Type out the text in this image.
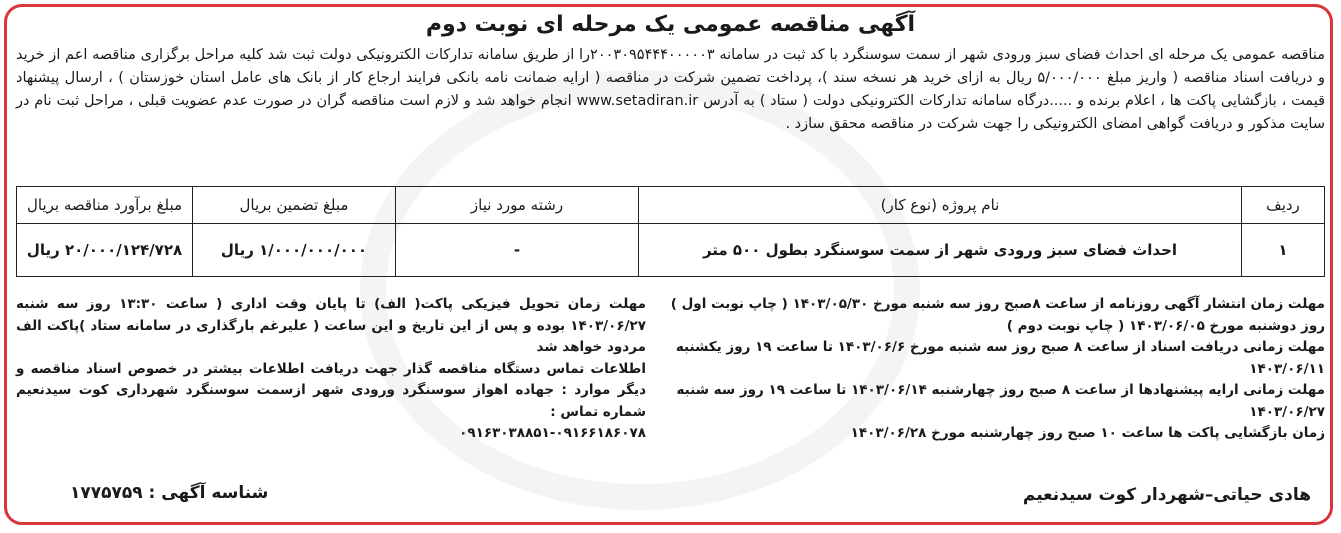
آگهی مناقصه عمومی یک مرحله ای نوبت دوم
مناقصه عمومی یک مرحله ای احداث فضای سبز ورودی شهر از سمت سوسنگرد با کد ثبت در سامانه ۲۰۰۳۰۹۵۴۴۴۰۰۰۰۰۳را از طریق سامانه تدارکات الکترونیکی دولت ثبت شد کلیه مراحل برگزاری مناقصه اعم از خرید و دریافت اسناد مناقصه ( واریز مبلغ ۵/۰۰۰/۰۰۰ ریال به ازای خرید هر نسخه سند )، پرداخت تضمین شرکت در مناقصه ( ارایه ضمانت نامه بانکی فرایند ارجاع کار از بانک های عامل استان خوزستان ) ، ارسال پیشنهاد قیمت ، بازگشایی پاکت ها ، اعلام برنده و .....درگاه سامانه تدارکات الکترونیکی دولت ( ستاد ) به آدرس www.setadiran.ir انجام خواهد شد و لازم است مناقصه گران در صورت عدم عضویت قبلی ، مراحل ثبت نام در سایت مذکور و دریافت گواهی امضای الکترونیکی را جهت شرکت در مناقصه محقق سازد .
ردیف	نام پروژه (نوع کار)	رشته مورد نیاز	مبلغ تضمین بریال	مبلغ برآورد مناقصه بریال
۱	احداث فضای سبز ورودی شهر از سمت سوسنگرد بطول ۵۰۰ متر	-	۱/۰۰۰/۰۰۰/۰۰۰ ریال	۲۰/۰۰۰/۱۲۴/۷۲۸ ریال

مهلت زمان انتشار آگهی روزنامه از ساعت ۸صبح روز سه شنبه مورخ ۱۴۰۳/۰۵/۳۰ ( چاپ نوبت اول ) روز دوشنبه مورخ ۱۴۰۳/۰۶/۰۵ ( چاپ نوبت دوم )

مهلت زمانی دریافت اسناد از ساعت ۸ صبح روز سه شنبه مورخ ۱۴۰۳/۰۶/۶ تا ساعت ۱۹ روز یکشنبه ۱۴۰۳/۰۶/۱۱

مهلت زمانی ارایه پیشنهادها از ساعت ۸ صبح روز چهارشنبه ۱۴۰۳/۰۶/۱۴ تا ساعت ۱۹ روز سه شنبه ۱۴۰۳/۰۶/۲۷

زمان بازگشایی پاکت ها ساعت ۱۰ صبح روز چهارشنبه مورخ ۱۴۰۳/۰۶/۲۸

مهلت زمان تحویل فیزیکی پاکت( الف) تا پایان وقت اداری ( ساعت ۱۳:۳۰ روز سه شنبه ۱۴۰۳/۰۶/۲۷ بوده و پس از این تاریخ و این ساعت ( علیرغم بارگذاری در سامانه ستاد )پاکت الف مردود خواهد شد

اطلاعات تماس دستگاه مناقصه گذار جهت دریافت اطلاعات بیشتر در خصوص اسناد مناقصه و دیگر موارد : جهاده اهواز سوسنگرد ورودی شهر ازسمت سوسنگرد شهرداری کوت سیدنعیم شماره تماس :

۰۹۱۶۳۰۳۸۸۵۱-۰۹۱۶۶۱۸۶۰۷۸

هادی حیاتی–شهردار کوت سیدنعیم
شناسه آگهی : ۱۷۷۵۷۵۹
